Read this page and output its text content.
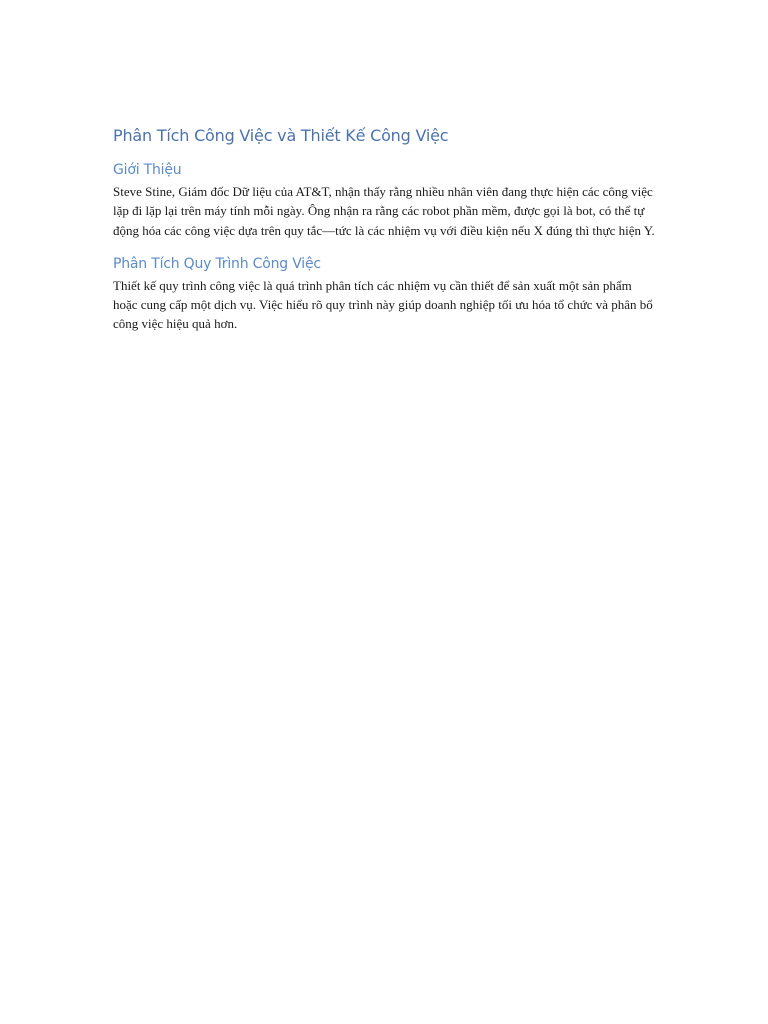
Phân Tích Công Việc và Thiết Kế Công Việc
Giới Thiệu

Steve Stine, Giám đốc Dữ liệu của AT&T, nhận thấy rằng nhiều nhân viên đang thực hiện các công việc lặp đi lặp lại trên máy tính mỗi ngày. Ông nhận ra rằng các robot phần mềm, được gọi là bot, có thể tự động hóa các công việc dựa trên quy tắc—tức là các nhiệm vụ với điều kiện nếu X đúng thì thực hiện Y.

Phân Tích Quy Trình Công Việc

Thiết kế quy trình công việc là quá trình phân tích các nhiệm vụ cần thiết để sản xuất một sản phẩm hoặc cung cấp một dịch vụ. Việc hiểu rõ quy trình này giúp doanh nghiệp tối ưu hóa tổ chức và phân bổ công việc hiệu quả hơn.
